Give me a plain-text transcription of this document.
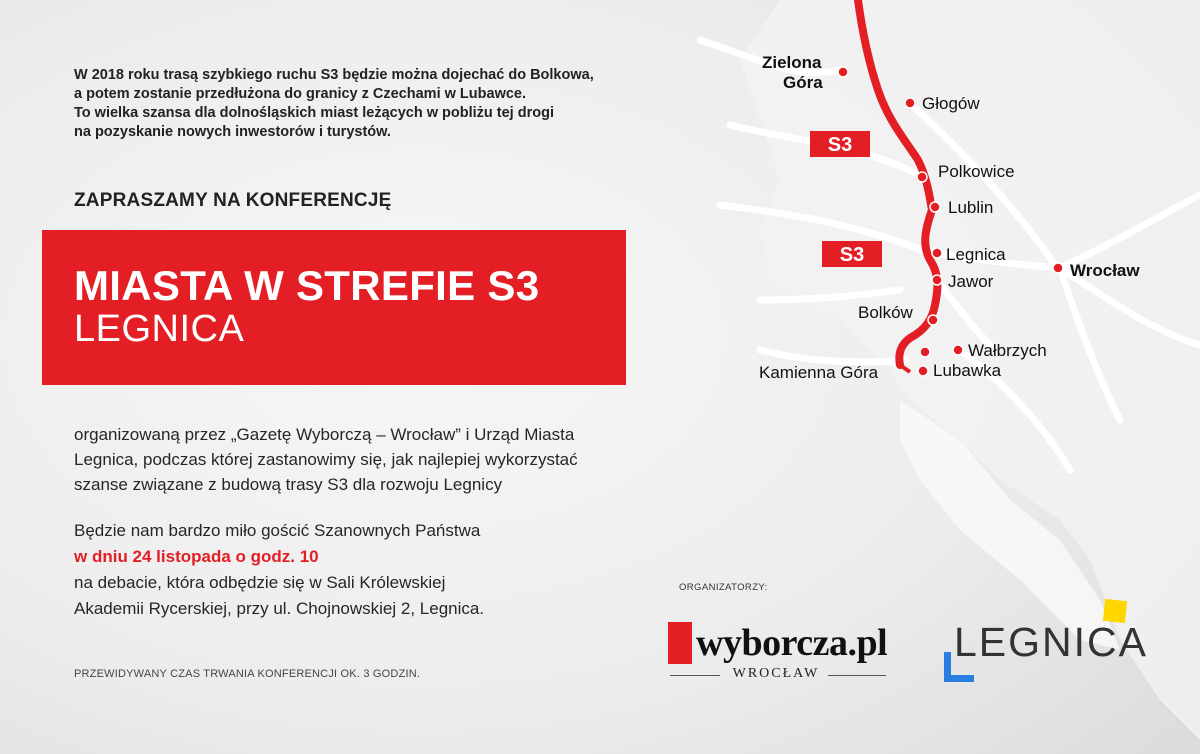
S3
S3
Zielona
Góra
Głogów
Polkowice
Lublin
Legnica
Jawor
Wrocław
Bolków
Wałbrzych
Kamienna Góra	Lubawka

W 2018 roku trasą szybkiego ruchu S3 będzie można dojechać do Bolkowa,

a potem zostanie przedłużona do granicy z Czechami w Lubawce.

To wielka szansa dla dolnośląskich miast leżących w pobliżu tej drogi

na pozyskanie nowych inwestorów i turystów.

ZAPRASZAMY NA KONFERENCJĘ
MIASTA W STREFIE S3
LEGNICA
organizowaną przez „Gazetę Wyborczą – Wrocław” i Urząd Miasta
Legnica, podczas której zastanowimy się, jak najlepiej wykorzystać
szanse związane z budową trasy S3 dla rozwoju Legnicy

Będzie nam bardzo miło gościć Szanownych Państwa

w dniu 24 listopada o godz. 10

na debacie, która odbędzie się w Sali Królewskiej

Akademii Rycerskiej, przy ul. Chojnowskiej 2, Legnica.

PRZEWIDYWANY CZAS TRWANIA KONFERENCJI OK. 3 GODZIN.
ORGANIZATORZY:
wyborcza.pl
WROCŁAW
LEGNICA
